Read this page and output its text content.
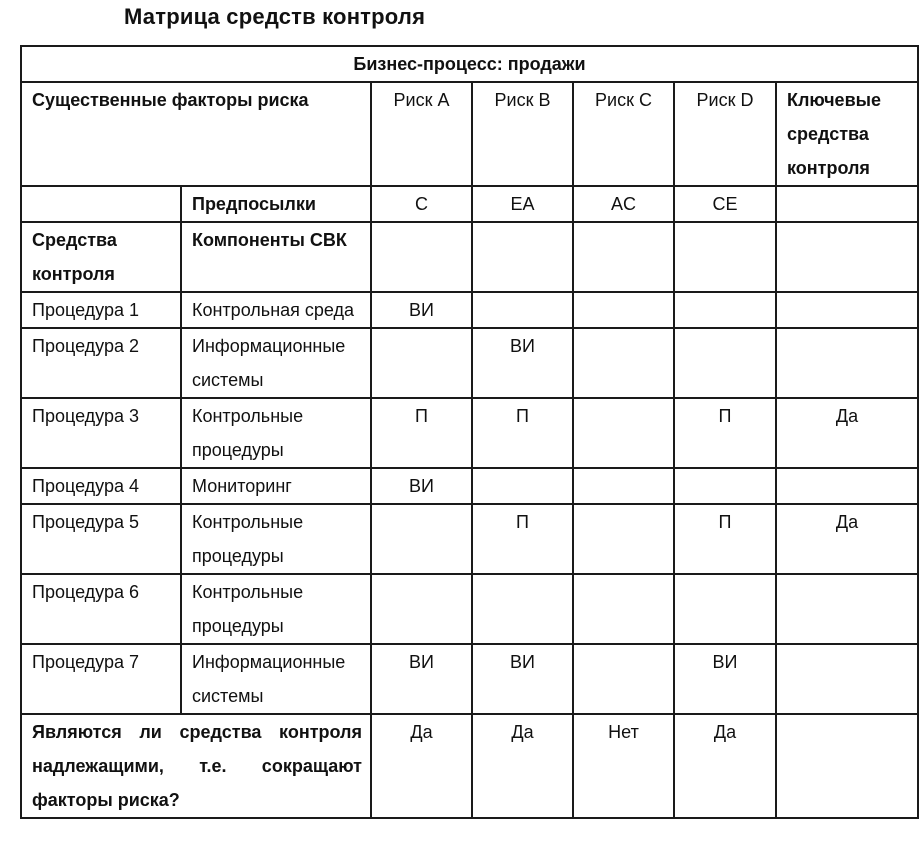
Матрица средств контроля
Бизнес-процесс: продажи						
Существенные факторы риска		Риск A	Риск B	Риск C	Риск D	Ключевые средства контроля
	Предпосылки	C	EA	AC	CE	
Средства контроля	Компоненты СВК					
Процедура 1	Контрольная среда	ВИ				
Процедура 2	Информационные системы		ВИ			
Процедура 3	Контрольные процедуры	П	П		П	Да
Процедура 4	Мониторинг	ВИ				
Процедура 5	Контрольные процедуры		П		П	Да
Процедура 6	Контрольные процедуры					
Процедура 7	Информационные системы	ВИ	ВИ		ВИ	
Являются ли средства контроля надлежащими, т.е. сокращают факторы риска?		Да	Да	Нет	Да	
